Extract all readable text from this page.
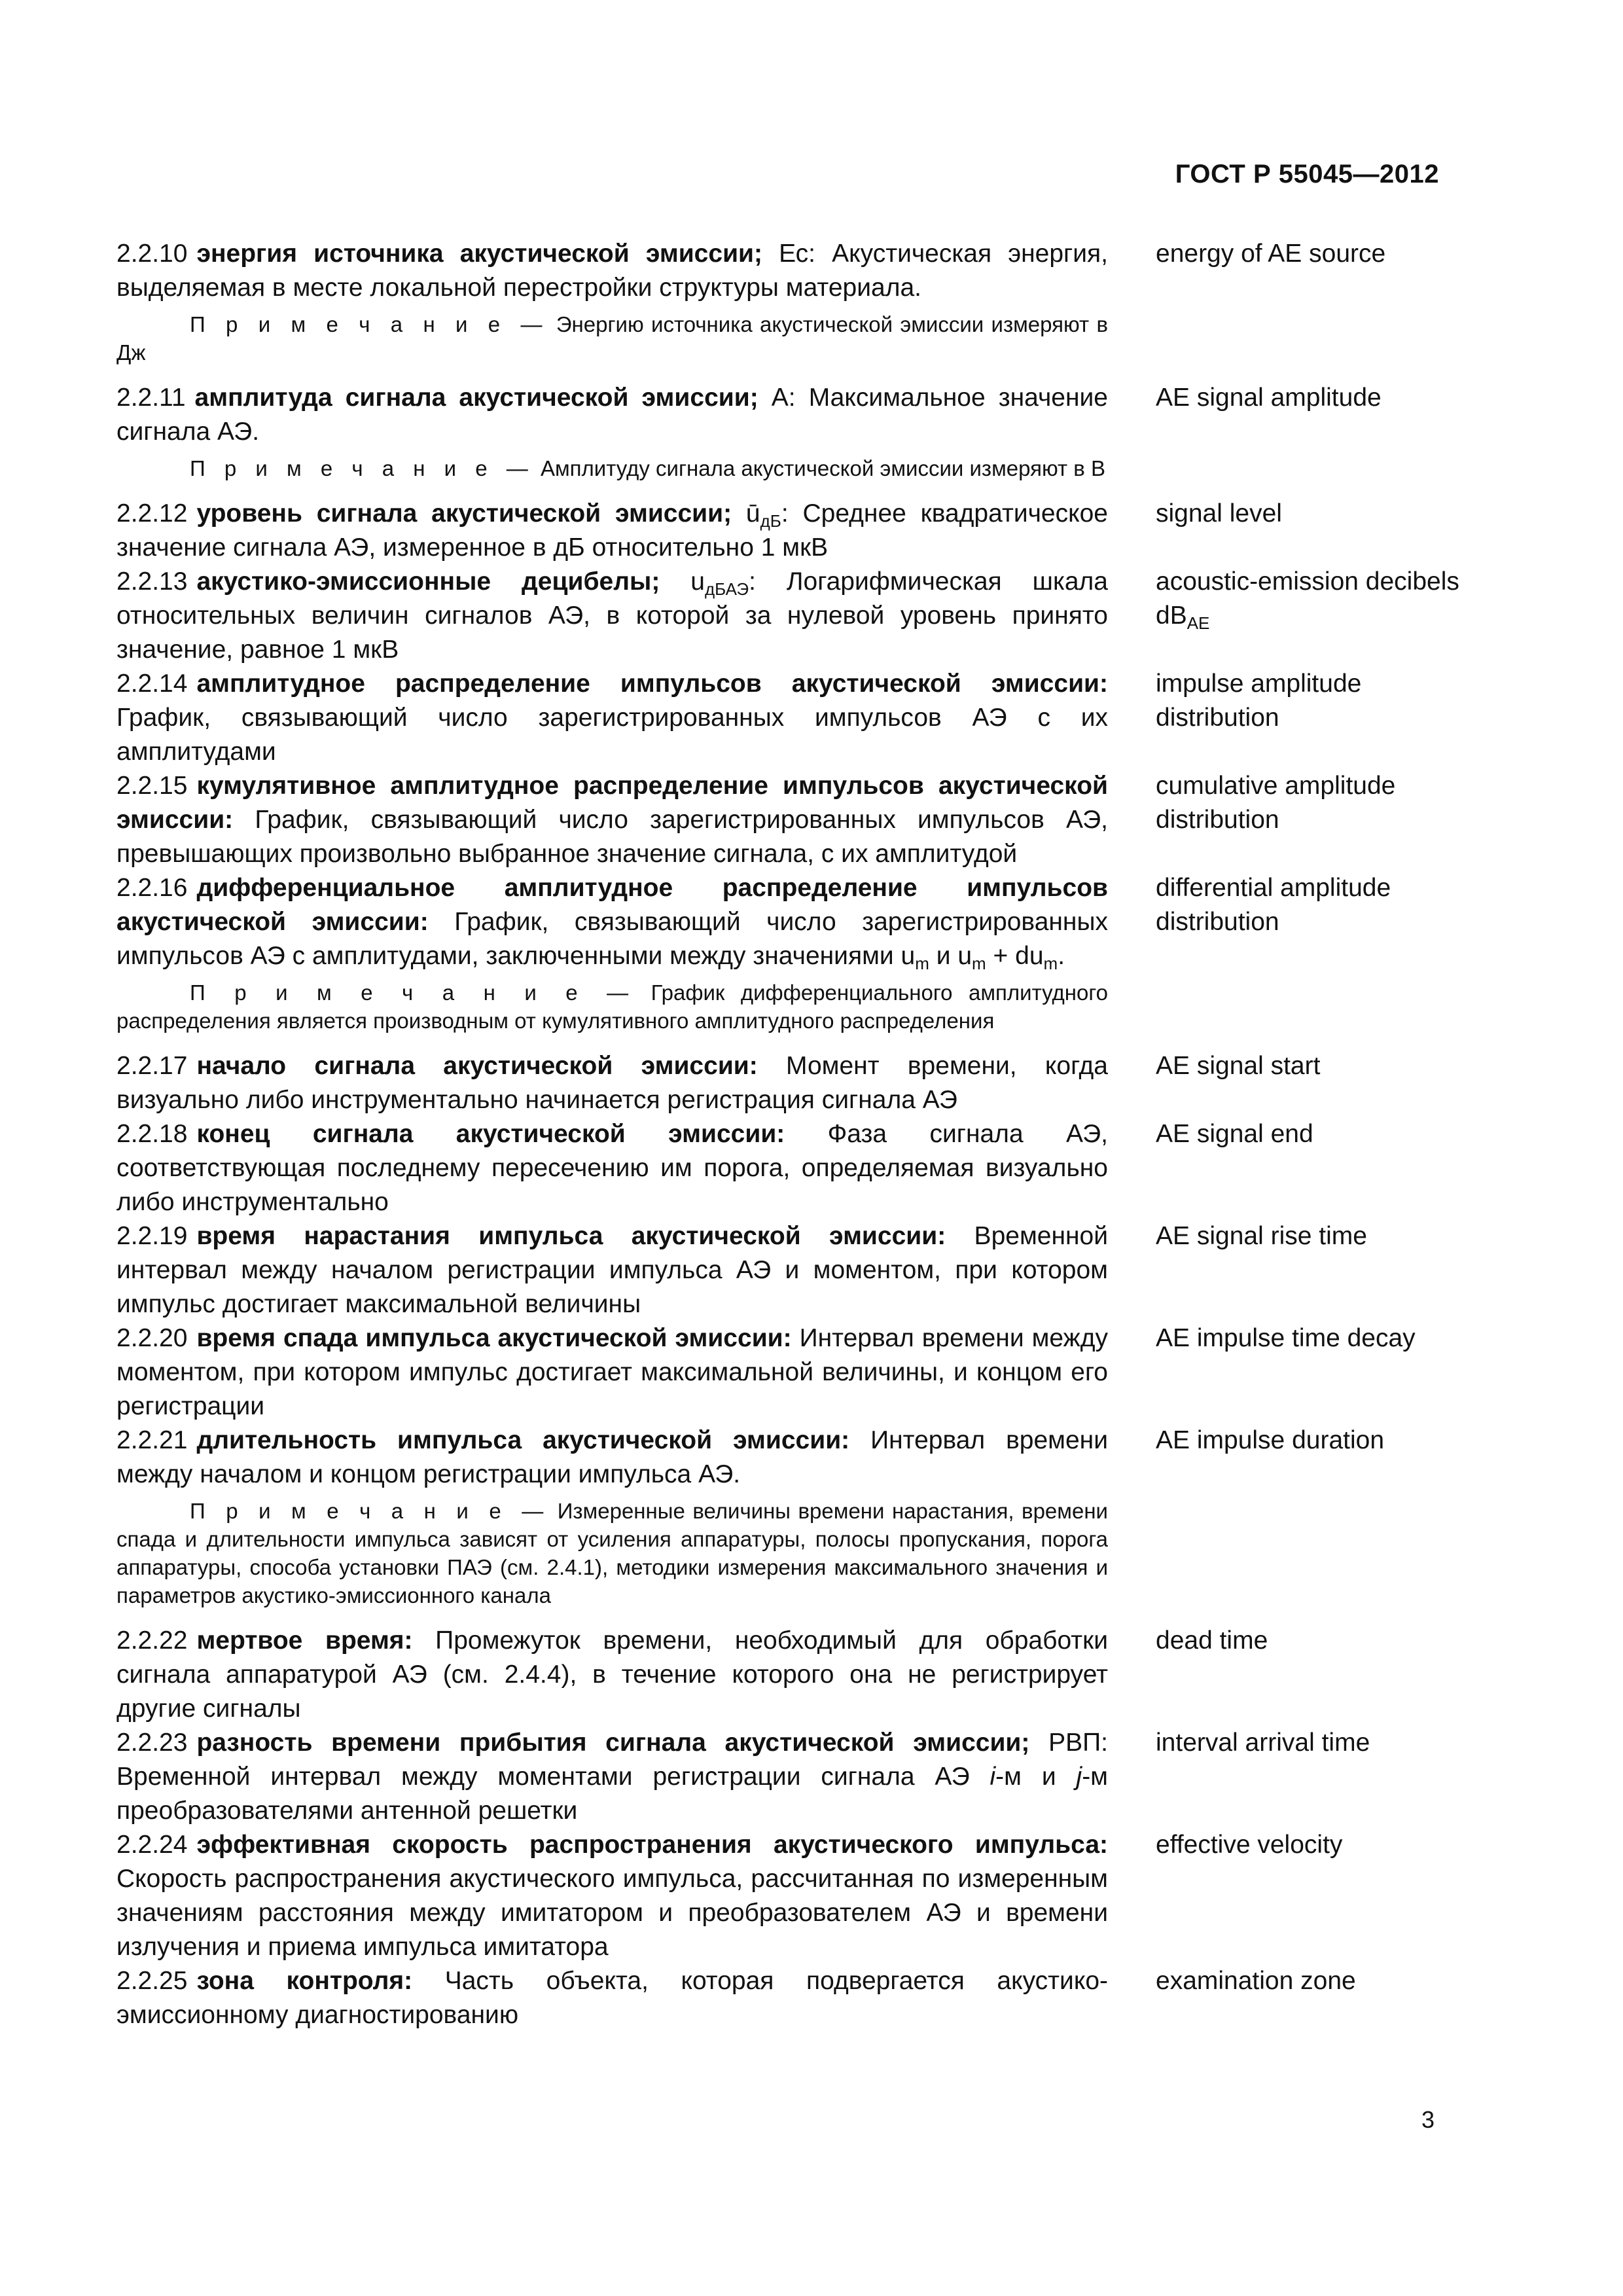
ГОСТ Р 55045—2012
2.2.10 энергия источника акустической эмиссии; Ес: Акустическая энергия, выделяемая в месте локальной перестройки структуры материала.
energy of AE source
П р и м е ч а н и е — Энергию источника акустической эмиссии измеряют в Дж
2.2.11 амплитуда сигнала акустической эмиссии; А: Максимальное значение сигнала АЭ.
AE signal amplitude
П р и м е ч а н и е — Амплитуду сигнала акустической эмиссии измеряют в В
2.2.12 уровень сигнала акустической эмиссии; $ū_{дБ}$: Среднее квадратическое значение сигнала АЭ, измеренное в дБ относительно 1 мкВ
signal level
2.2.13 акустико-эмиссионные децибелы; $u_{дБАЭ}$: Логарифмическая шкала относительных величин сигналов АЭ, в которой за нулевой уровень принято значение, равное 1 мкВ
acoustic-emission decibels $dB_{AE}$
2.2.14 амплитудное распределение импульсов акустической эмиссии: График, связывающий число зарегистрированных импульсов АЭ с их амплитудами
impulse amplitude distribution
2.2.15 кумулятивное амплитудное распределение импульсов акустической эмиссии: График, связывающий число зарегистрированных импульсов АЭ, превышающих произвольно выбранное значение сигнала, с их амплитудой
cumulative amplitude distribution
2.2.16 дифференциальное амплитудное распределение импульсов акустической эмиссии: График, связывающий число зарегистрированных импульсов АЭ с амплитудами, заключенными между значениями $u_m$ и $u_m + du_m$.
differential amplitude distribution
П р и м е ч а н и е — График дифференциального амплитудного распределения является производным от кумулятивного амплитудного распределения
2.2.17 начало сигнала акустической эмиссии: Момент времени, когда визуально либо инструментально начинается регистрация сигнала АЭ
AE signal start
2.2.18 конец сигнала акустической эмиссии: Фаза сигнала АЭ, соответствующая последнему пересечению им порога, определяемая визуально либо инструментально
AE signal end
2.2.19 время нарастания импульса акустической эмиссии: Временной интервал между началом регистрации импульса АЭ и моментом, при котором импульс достигает максимальной величины
AE signal rise time
2.2.20 время спада импульса акустической эмиссии: Интервал времени между моментом, при котором импульс достигает максимальной величины, и концом его регистрации
AE impulse time decay
2.2.21 длительность импульса акустической эмиссии: Интервал времени между началом и концом регистрации импульса АЭ.
AE impulse duration
П р и м е ч а н и е — Измеренные величины времени нарастания, времени спада и длительности импульса зависят от усиления аппаратуры, полосы пропускания, порога аппаратуры, способа установки ПАЭ (см. 2.4.1), методики измерения максимального значения и параметров акустико-эмиссионного канала
2.2.22 мертвое время: Промежуток времени, необходимый для обработки сигнала аппаратурой АЭ (см. 2.4.4), в течение которого она не регистрирует другие сигналы
dead time
2.2.23 разность времени прибытия сигнала акустической эмиссии; РВП: Временной интервал между моментами регистрации сигнала АЭ i-м и j-м преобразователями антенной решетки
interval arrival time
2.2.24 эффективная скорость распространения акустического импульса: Скорость распространения акустического импульса, рассчитанная по измеренным значениям расстояния между имитатором и преобразователем АЭ и времени излучения и приема импульса имитатора
effective velocity
2.2.25 зона контроля: Часть объекта, которая подвергается акустико-эмиссионному диагностированию
examination zone
3
